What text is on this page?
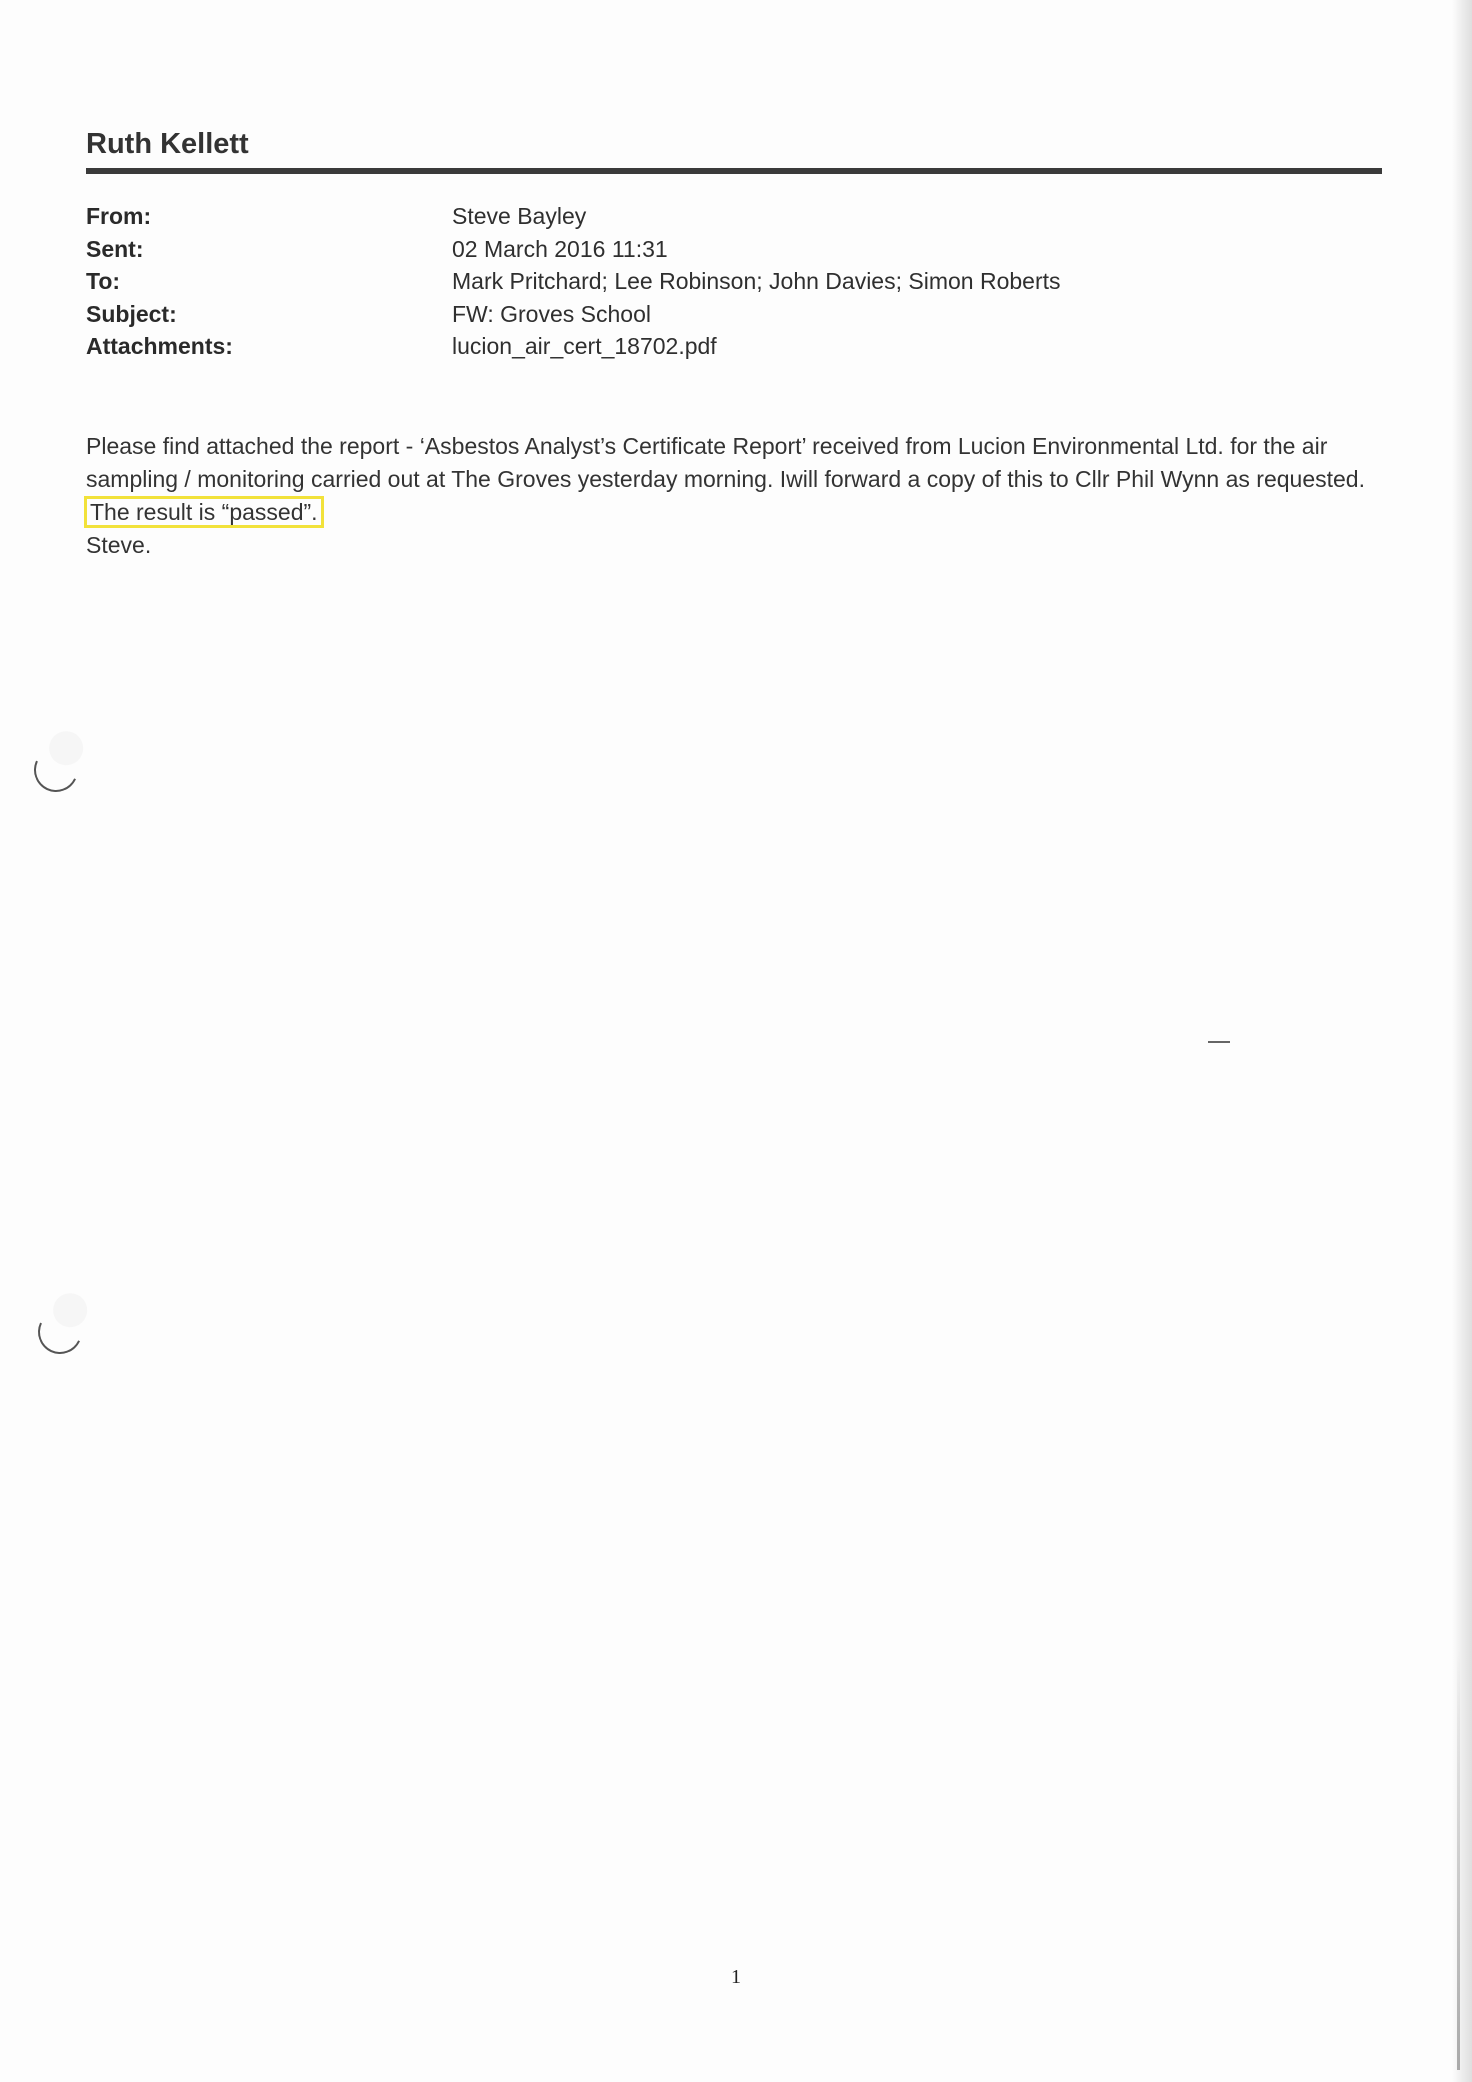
Ruth Kellett
From:	Steve Bayley
Sent:	02 March 2016 11:31
To:	Mark Pritchard; Lee Robinson; John Davies; Simon Roberts
Subject:	FW: Groves School
Attachments:	lucion_air_cert_18702.pdf
Please find attached the report - ‘Asbestos Analyst’s Certificate Report’ received from Lucion Environmental Ltd. for the air sampling / monitoring carried out at The Groves yesterday morning. Iwill forward a copy of this to Cllr Phil Wynn as requested. The result is “passed”.
Steve.
1
